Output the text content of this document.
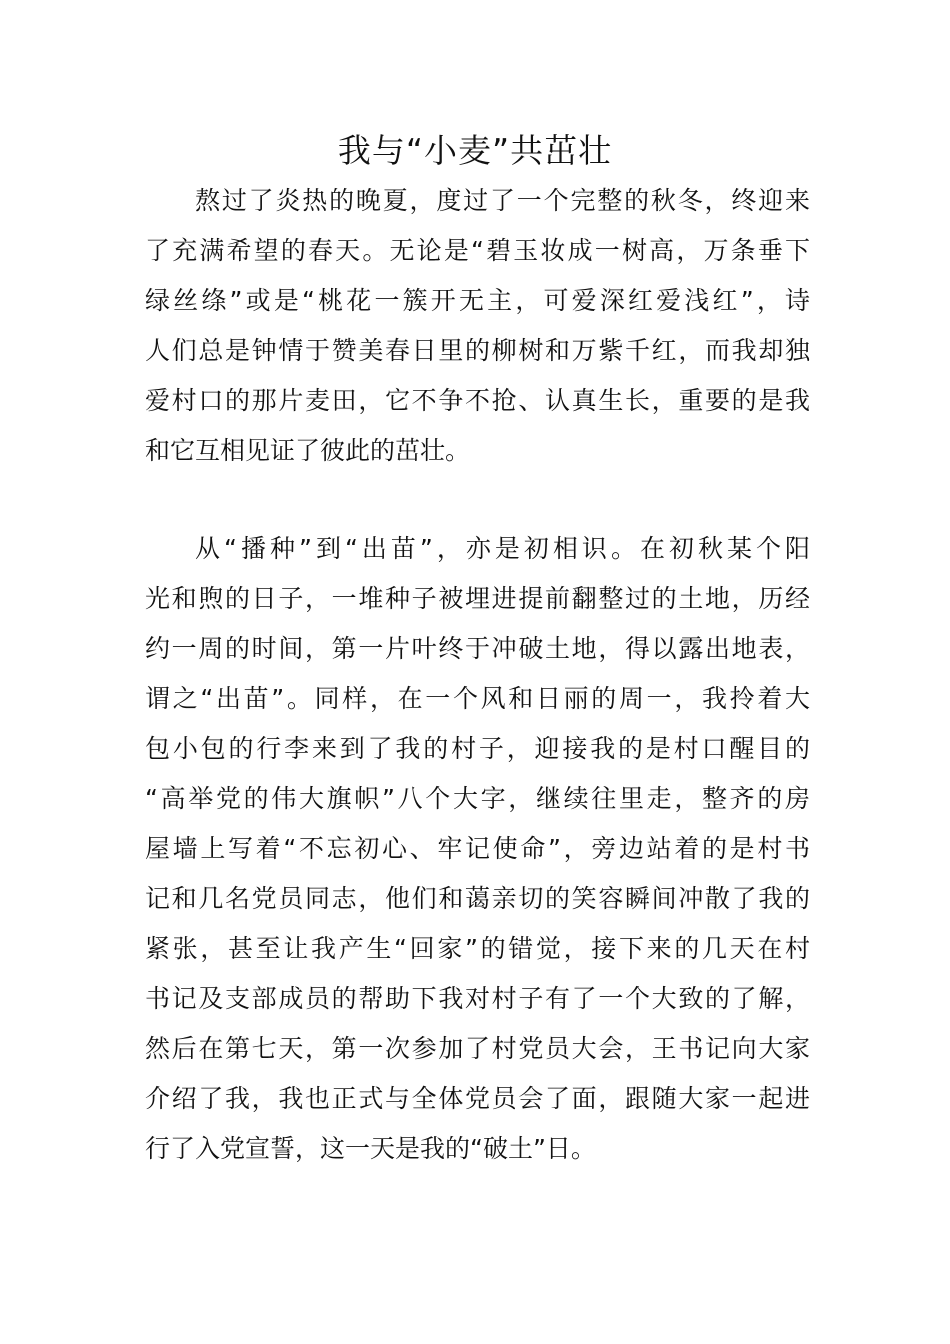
我与“小麦”共茁壮
熬过了炎热的晚夏，度过了一个完整的秋冬，终迎来
了充满希望的春天。无论是“碧玉妆成一树高，万条垂下
绿丝绦”或是“桃花一簇开无主，可爱深红爱浅红”，诗
人们总是钟情于赞美春日里的柳树和万紫千红，而我却独
爱村口的那片麦田，它不争不抢、认真生长，重要的是我
和它互相见证了彼此的茁壮。
从“播种”到“出苗”，亦是初相识。在初秋某个阳
光和煦的日子，一堆种子被埋进提前翻整过的土地，历经
约一周的时间，第一片叶终于冲破土地，得以露出地表，
谓之“出苗”。同样，在一个风和日丽的周一，我拎着大
包小包的行李来到了我的村子，迎接我的是村口醒目的
“高举党的伟大旗帜”八个大字，继续往里走，整齐的房
屋墙上写着“不忘初心、牢记使命”，旁边站着的是村书
记和几名党员同志，他们和蔼亲切的笑容瞬间冲散了我的
紧张，甚至让我产生“回家”的错觉，接下来的几天在村
书记及支部成员的帮助下我对村子有了一个大致的了解，
然后在第七天，第一次参加了村党员大会，王书记向大家
介绍了我，我也正式与全体党员会了面，跟随大家一起进
行了入党宣誓，这一天是我的“破土”日。
